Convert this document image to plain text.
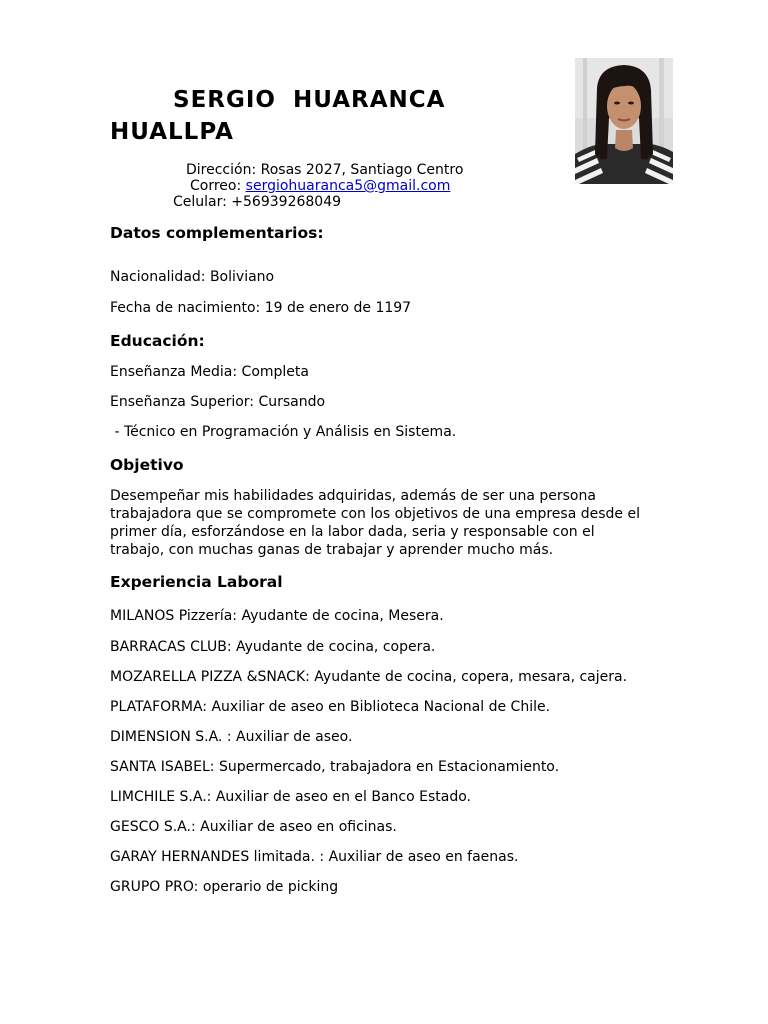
SERGIO HUARANCA
HUALLPA
Dirección: Rosas 2027, Santiago Centro
Correo: sergiohuaranca5@gmail.com
Celular: +56939268049
Datos complementarios:
Nacionalidad: Boliviano
Fecha de nacimiento: 19 de enero de 1197
Educación:
Enseñanza Media: Completa
Enseñanza Superior: Cursando
- Técnico en Programación y Análisis en Sistema.
Objetivo
Desempeñar mis habilidades adquiridas, además de ser una persona
trabajadora que se compromete con los objetivos de una empresa desde el
primer día, esforzándose en la labor dada, seria y responsable con el
trabajo, con muchas ganas de trabajar y aprender mucho más.
Experiencia Laboral
MILANOS Pizzería: Ayudante de cocina, Mesera.
BARRACAS CLUB: Ayudante de cocina, copera.
MOZARELLA PIZZA &SNACK: Ayudante de cocina, copera, mesara, cajera.
PLATAFORMA: Auxiliar de aseo en Biblioteca Nacional de Chile.
DIMENSION S.A. : Auxiliar de aseo.
SANTA ISABEL: Supermercado, trabajadora en Estacionamiento.
LIMCHILE S.A.: Auxiliar de aseo en el Banco Estado.
GESCO S.A.: Auxiliar de aseo en oficinas.
GARAY HERNANDES limitada. : Auxiliar de aseo en faenas.
GRUPO PRO: operario de picking
